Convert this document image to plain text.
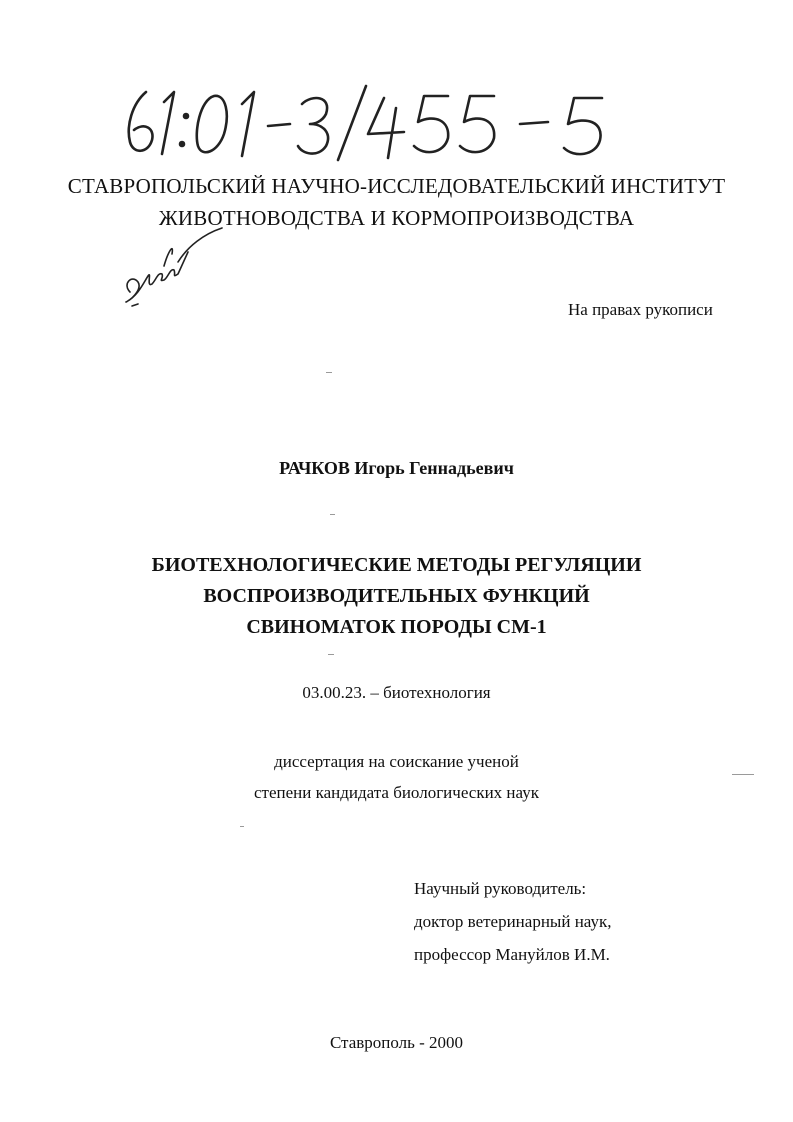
СТАВРОПОЛЬСКИЙ НАУЧНО-ИССЛЕДОВАТЕЛЬСКИЙ ИНСТИТУТ
ЖИВОТНОВОДСТВА И КОРМОПРОИЗВОДСТВА
На правах рукописи
РАЧКОВ Игорь Геннадьевич
БИОТЕХНОЛОГИЧЕСКИЕ МЕТОДЫ РЕГУЛЯЦИИ
ВОСПРОИЗВОДИТЕЛЬНЫХ ФУНКЦИЙ
СВИНОМАТОК ПОРОДЫ СМ-1
03.00.23. – биотехнология
диссертация на соискание ученой
степени кандидата биологических наук
Научный руководитель:
доктор ветеринарный наук,
профессор Мануйлов И.М.
Ставрополь - 2000
